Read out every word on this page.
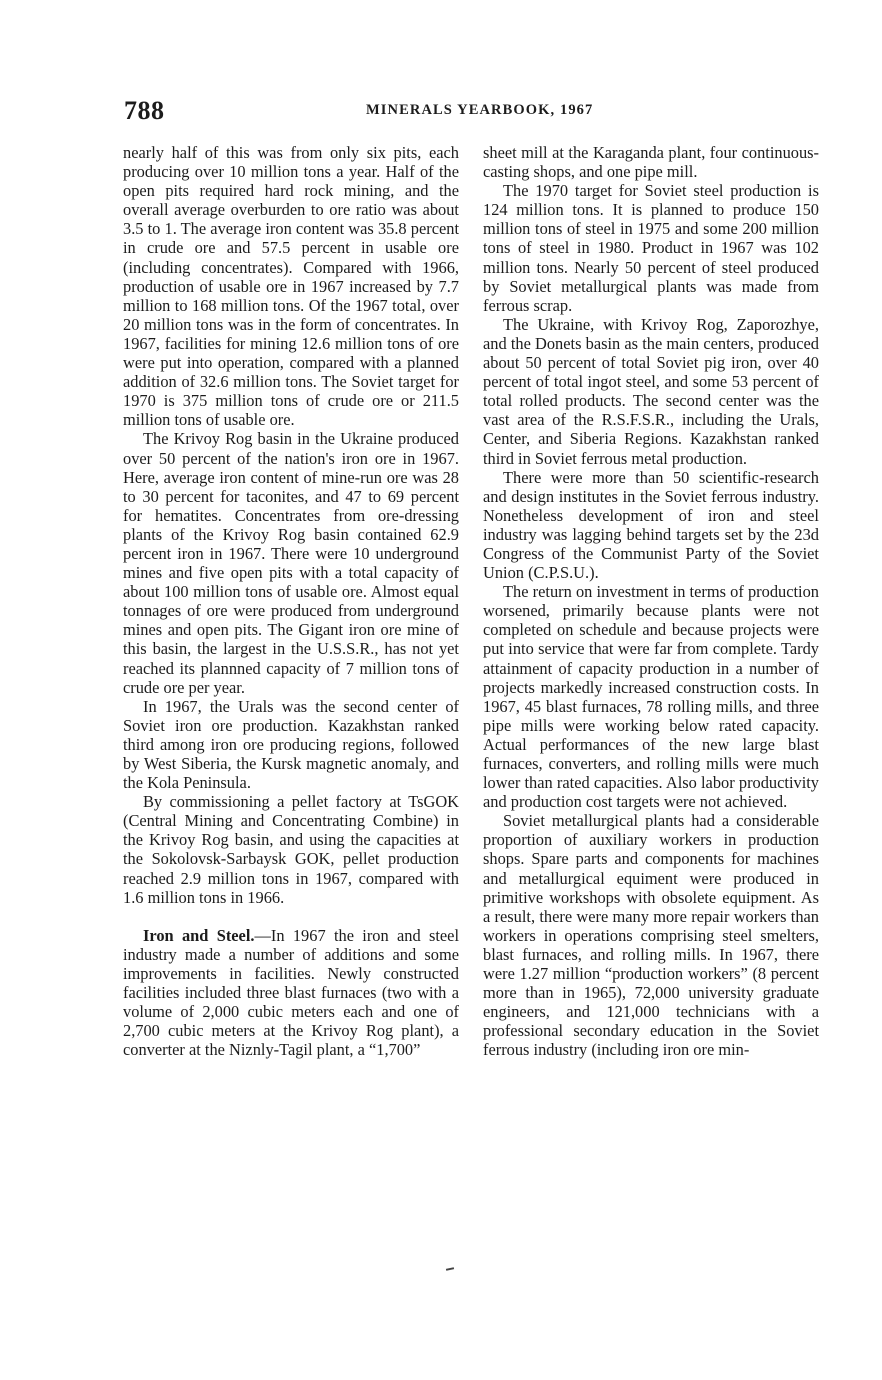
788	MINERALS YEARBOOK, 1967

nearly half of this was from only six pits, each producing over 10 million tons a year. Half of the open pits required hard rock mining, and the overall average overburden to ore ratio was about 3.5 to 1. The average iron content was 35.8 percent in crude ore and 57.5 percent in usable ore (including concentrates). Compared with 1966, production of usable ore in 1967 increased by 7.7 million to 168 million tons. Of the 1967 total, over 20 million tons was in the form of concentrates. In 1967, facilities for mining 12.6 million tons of ore were put into operation, compared with a planned addition of 32.6 million tons. The Soviet target for 1970 is 375 million tons of crude ore or 211.5 million tons of usable ore.

The Krivoy Rog basin in the Ukraine produced over 50 percent of the nation's iron ore in 1967. Here, average iron content of mine-run ore was 28 to 30 percent for taconites, and 47 to 69 percent for hematites. Concentrates from ore-dressing plants of the Krivoy Rog basin contained 62.9 percent iron in 1967. There were 10 underground mines and five open pits with a total capacity of about 100 million tons of usable ore. Almost equal tonnages of ore were produced from underground mines and open pits. The Gigant iron ore mine of this basin, the largest in the U.S.S.R., has not yet reached its plannned capacity of 7 million tons of crude ore per year.

In 1967, the Urals was the second center of Soviet iron ore production. Kazakhstan ranked third among iron ore producing regions, followed by West Siberia, the Kursk magnetic anomaly, and the Kola Peninsula.

By commissioning a pellet factory at TsGOK (Central Mining and Concentrating Combine) in the Krivoy Rog basin, and using the capacities at the Sokolovsk-Sarbaysk GOK, pellet production reached 2.9 million tons in 1967, compared with 1.6 million tons in 1966.

Iron and Steel.—In 1967 the iron and steel industry made a number of additions and some improvements in facilities. Newly constructed facilities included three blast furnaces (two with a volume of 2,000 cubic meters each and one of 2,700 cubic meters at the Krivoy Rog plant), a converter at the Niznly-Tagil plant, a “1,700”

sheet mill at the Karaganda plant, four continuous-casting shops, and one pipe mill.

The 1970 target for Soviet steel production is 124 million tons. It is planned to produce 150 million tons of steel in 1975 and some 200 million tons of steel in 1980. Product in 1967 was 102 million tons. Nearly 50 percent of steel produced by Soviet metallurgical plants was made from ferrous scrap.

The Ukraine, with Krivoy Rog, Zaporozhye, and the Donets basin as the main centers, produced about 50 percent of total Soviet pig iron, over 40 percent of total ingot steel, and some 53 percent of total rolled products. The second center was the vast area of the R.S.F.S.R., including the Urals, Center, and Siberia Regions. Kazakhstan ranked third in Soviet ferrous metal production.

There were more than 50 scientific-research and design institutes in the Soviet ferrous industry. Nonetheless development of iron and steel industry was lagging behind targets set by the 23d Congress of the Communist Party of the Soviet Union (C.P.S.U.).

The return on investment in terms of production worsened, primarily because plants were not completed on schedule and because projects were put into service that were far from complete. Tardy attainment of capacity production in a number of projects markedly increased construction costs. In 1967, 45 blast furnaces, 78 rolling mills, and three pipe mills were working below rated capacity. Actual performances of the new large blast furnaces, converters, and rolling mills were much lower than rated capacities. Also labor productivity and production cost targets were not achieved.

Soviet metallurgical plants had a considerable proportion of auxiliary workers in production shops. Spare parts and components for machines and metallurgical equiment were produced in primitive workshops with obsolete equipment. As a result, there were many more repair workers than workers in operations comprising steel smelters, blast furnaces, and rolling mills. In 1967, there were 1.27 million “production workers” (8 percent more than in 1965), 72,000 university graduate engineers, and 121,000 technicians with a professional secondary education in the Soviet ferrous industry (including iron ore min-
